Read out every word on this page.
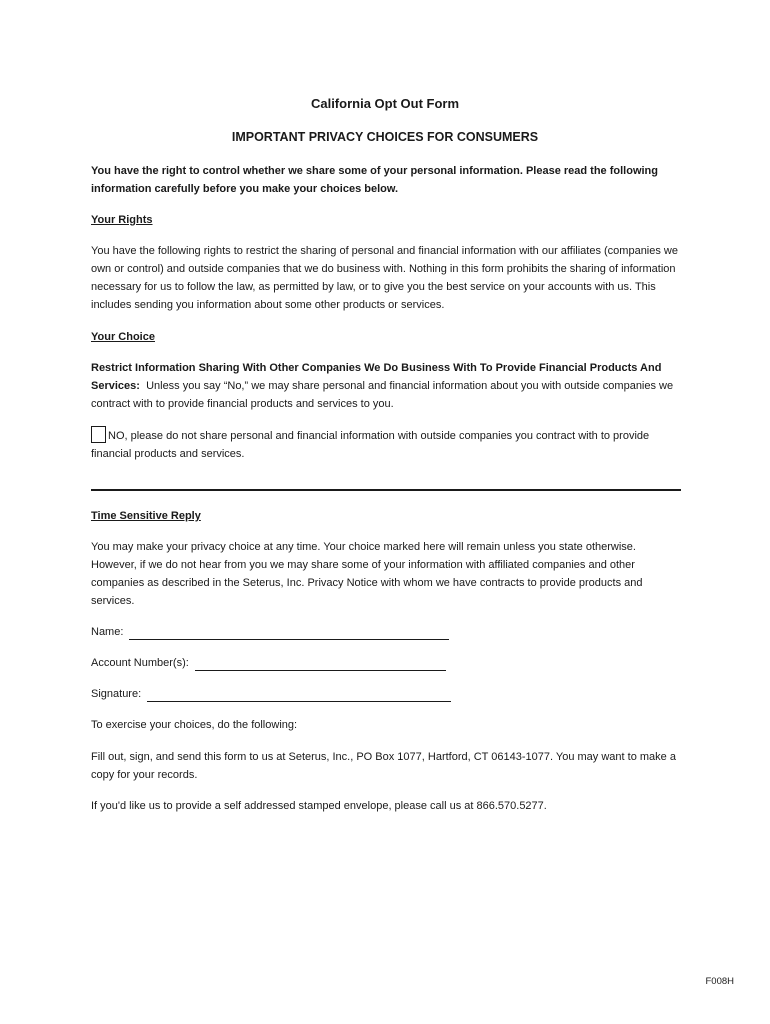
California Opt Out Form
IMPORTANT PRIVACY CHOICES FOR CONSUMERS

You have the right to control whether we share some of your personal information. Please read the following information carefully before you make your choices below.

Your Rights

You have the following rights to restrict the sharing of personal and financial information with our affiliates (companies we own or control) and outside companies that we do business with. Nothing in this form prohibits the sharing of information necessary for us to follow the law, as permitted by law, or to give you the best service on your accounts with us. This includes sending you information about some other products or services.

Your Choice

Restrict Information Sharing With Other Companies We Do Business With To Provide Financial Products And Services: Unless you say “No,” we may share personal and financial information about you with outside companies we contract with to provide financial products and services to you.

NO, please do not share personal and financial information with outside companies you contract with to provide financial products and services.

Time Sensitive Reply

You may make your privacy choice at any time. Your choice marked here will remain unless you state otherwise. However, if we do not hear from you we may share some of your information with affiliated companies and other companies as described in the Seterus, Inc. Privacy Notice with whom we have contracts to provide products and services.

Name:
Account Number(s):
Signature:

To exercise your choices, do the following:

Fill out, sign, and send this form to us at Seterus, Inc., PO Box 1077, Hartford, CT 06143-1077. You may want to make a copy for your records.

If you'd like us to provide a self addressed stamped envelope, please call us at 866.570.5277.

F008H
